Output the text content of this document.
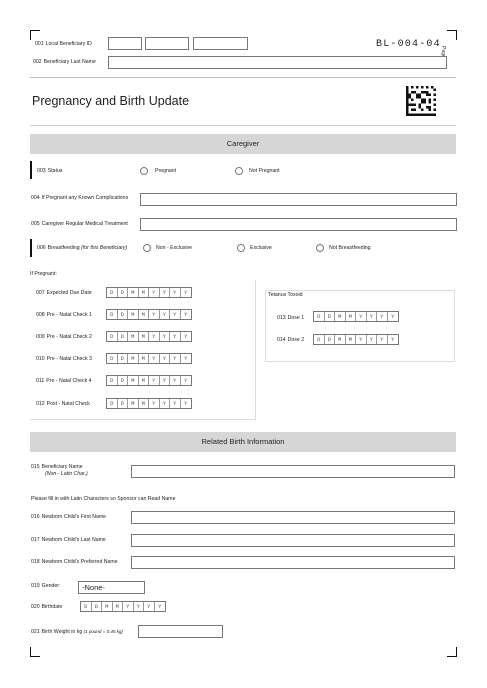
001 Local Beneficiary ID	BL-004-04
002 Beneficiary Last Name
Pregnancy and Birth Update
Caregiver
003 Status	Pregnant	Not Pregnant
004 If Pregnant any Known Complications
005 Caregiver Regular Medical Treatment
006 Breastfeeding (for this Beneficiary)	Non - Exclusive	Exclusive	Not Breastfeeding
If Pregnant:
007 Expected Due Date	D	D	M	M	Y	Y	Y	Y
008 Pre - Natal Check 1	D	D	M	M	Y	Y	Y	Y
009 Pre - Natal Check 2	D	D	M	M	Y	Y	Y	Y
010 Pre - Natal Check 3	D	D	M	M	Y	Y	Y	Y
011 Pre - Natal Check 4	D	D	M	M	Y	Y	Y	Y
012 Post - Natal Check	D	D	M	M	Y	Y	Y	Y
Tetanus Toxoid
013 Dose 1	D	D	M	M	Y	Y	Y	Y
014 Dose 2	D	D	M	M	Y	Y	Y	Y
Related Birth Information
015 Beneficiary Name
(Non - Latin Char.)
Please fill in with Latin Characters so Sponsor can Read Name
016 Newborn Child's First Name
017 Newborn Child's Last Name
018 Newborn Child's Preferred Name
019 Gender:	-None-
020 Birthdate	D	D	M	M	Y	Y	Y	Y
021 Birth Weight in kg (1 pound = 0.45 kg)
